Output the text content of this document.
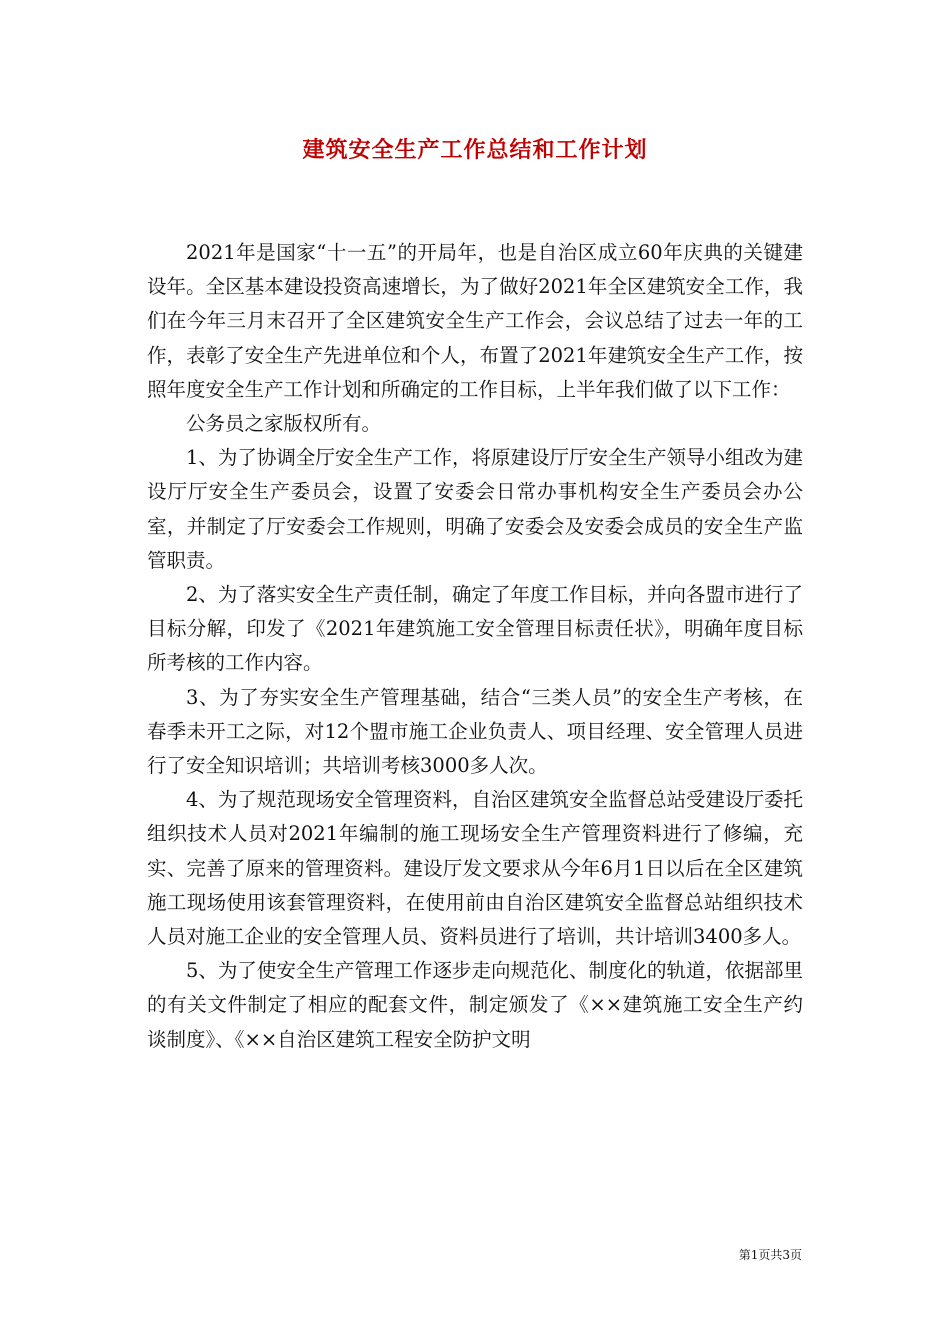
建筑安全生产工作总结和工作计划

2021年是国家“十一五”的开局年，也是自治区成立60年庆典的关键建设年。全区基本建设投资高速增长，为了做好2021年全区建筑安全工作，我们在今年三月末召开了全区建筑安全生产工作会，会议总结了过去一年的工作，表彰了安全生产先进单位和个人，布置了2021年建筑安全生产工作，按照年度安全生产工作计划和所确定的工作目标，上半年我们做了以下工作：

公务员之家版权所有。

1、为了协调全厅安全生产工作，将原建设厅厅安全生产领导小组改为建设厅厅安全生产委员会，设置了安委会日常办事机构安全生产委员会办公室，并制定了厅安委会工作规则，明确了安委会及安委会成员的安全生产监管职责。

2、为了落实安全生产责任制，确定了年度工作目标，并向各盟市进行了目标分解，印发了《2021年建筑施工安全管理目标责任状》，明确年度目标所考核的工作内容。

3、为了夯实安全生产管理基础，结合“三类人员”的安全生产考核，在春季未开工之际，对12个盟市施工企业负责人、项目经理、安全管理人员进行了安全知识培训；共培训考核3000多人次。

4、为了规范现场安全管理资料，自治区建筑安全监督总站受建设厅委托组织技术人员对2021年编制的施工现场安全生产管理资料进行了修编，充实、完善了原来的管理资料。建设厅发文要求从今年6月1日以后在全区建筑施工现场使用该套管理资料，在使用前由自治区建筑安全监督总站组织技术人员对施工企业的安全管理人员、资料员进行了培训，共计培训3400多人。

5、为了使安全生产管理工作逐步走向规范化、制度化的轨道，依据部里的有关文件制定了相应的配套文件，制定颁发了《××建筑施工安全生产约谈制度》、《××自治区建筑工程安全防护文明

第1页共3页
